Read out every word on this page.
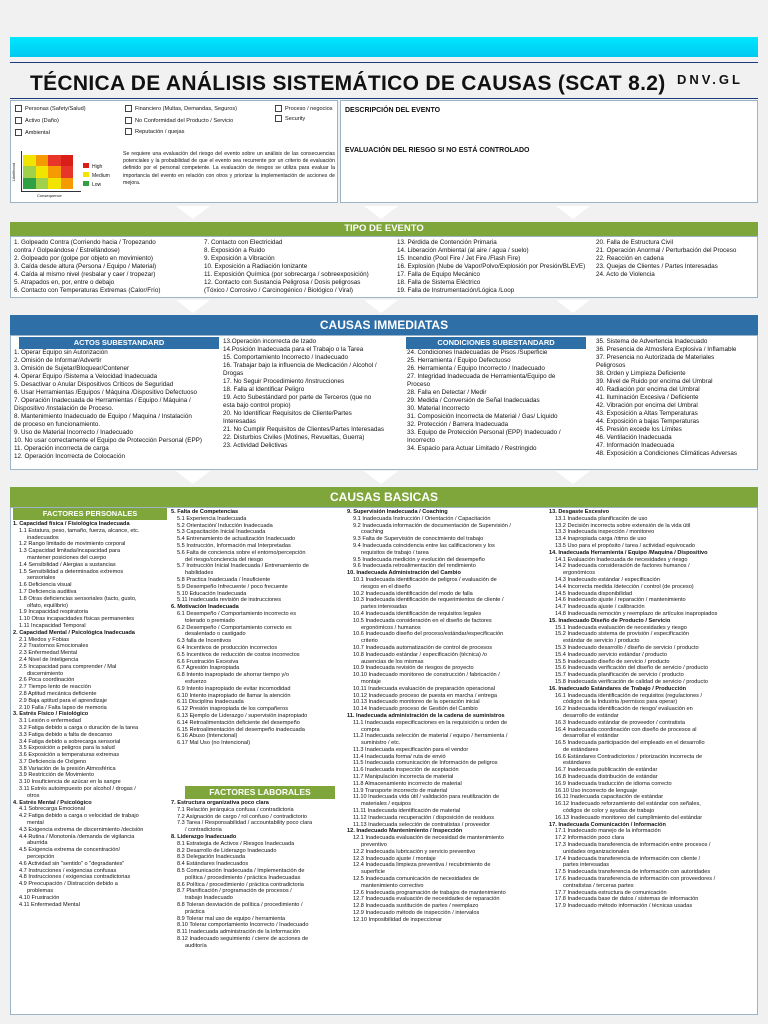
TÉCNICA DE ANÁLISIS SISTEMÁTICO DE CAUSAS (SCAT 8.2) DNV.GL
Personas (Safety/Salud)	Financiero (Multas, Demandas, Seguros)	Proceso / negocios
Activo (Daño)	No Conformidad del Producto / Servicio	Security
Ambiental	Reputación / quejas
Likelihood
Consequence
High
Medium
Low
Se requiere una evaluación del riesgo del evento sobre un análisis de las consecuencias potenciales y la probabilidad de que el evento sea recurrente por un criterio de evaluación definido por el personal competente. La evaluación de riesgos se utiliza para evaluar la importancia del evento en relación con otros y priorizar la implementación de acciones de mejora.
DESCRIPCIÓN DEL EVENTO
EVALUACIÓN DEL RIESGO SI NO ESTÁ CONTROLADO
TIPO DE EVENTO
1. Golpeado Contra (Corriendo hacia / Tropezando
contra / Golpeándose / Estrellándose)
2. Golpeado por (golpe por objeto en movimiento)
3. Caída desde altura (Persona / Equipo / Material)
4. Caída al mismo nivel (resbalar y caer / tropezar)
5. Atrapados en, por, entre o debajo
6. Contacto con Temperaturas Extremas (Calor/Frío)
7. Contacto con Electricidad
8. Exposición a Ruido
9. Exposición a Vibración
10. Exposición a Radiación Ionizante
11. Exposición Química (por sobrecarga / sobreexposición)
12. Contacto con Sustancia Peligrosa / Dosis peligrosas
(Tóxico / Corrosivo / Carcinogénico / Biológico / Viral)
13. Pérdida de Contención Primaria
14. Liberación Ambiental (al aire / agua / suelo)
15. Incendio (Pool Fire / Jet Fire /Flash Fire)
16. Explosión (Nube de Vapor/Polvo/Explosión por Presión/BLEVE)
17. Falla de Equipo Mecánico
18. Falla de Sistema Eléctrico
19. Falla de Instrumentación/Lógica /Loop
20. Falla de Estructura Civil
21. Operación Anormal / Perturbación del Proceso
22. Reacción en cadena
23. Quejas de Clientes / Partes Interesadas
24. Acto de Violencia
CAUSAS IMMEDIATAS
ACTOS SUBESTANDARD	CONDICIONES SUBESTANDARD
1. Operar Equipo sin Autorización
2. Omisión de Informar/Advertir
3. Omisión de Sujetar/Bloquear/Contener
4. Operar Equipo /Sistema a Velocidad Inadecuada
5. Desactivar o Anular Dispositivos Críticos de Seguridad
6. Usar Herramientas /Equipos / Máquina /Dispositivo Defectuoso
7. Operación Inadecuada de Herramientas / Equipo / Máquina /
Dispositivo /Instalación de Proceso.
8. Mantenimiento Inadecuado de Equipo / Maquina / Instalación
de proceso en funcionamiento.
9. Uso de Material Incorrecto / Inadecuado
10. No usar correctamente el Equipo de Protección Personal (EPP)
11. Operación incorrecta de carga
12. Operación Incorrecta de Colocación
13.Operación incorrecta de Izado
14.Posición Inadecuada para el Trabajo o la Tarea
15. Comportamiento Incorrecto / Inadecuado
16. Trabajar bajo la influencia de Medicación / Alcohol /
Drogas
17. No Seguir Procedimiento /Instrucciones
18. Falla al Identificar Peligro
19. Acto Subestándard por parte de Terceros (que no
esta bajo control propio)
20. No Identificar Requisitos de Cliente/Partes
Interesadas
21. No Cumplir Requisitos de Clientes/Partes Interesadas
22. Disturbios Civiles (Motines, Revueltas, Guerra)
23. Actividad Delictivas
24. Condiciones Inadecuadas de Pisos /Superficie
25. Herramienta / Equipo Defectuoso
26. Herramienta / Equipo Incorrecto / Inadecuado
27. Integridad Inadecuada de Herramienta/Equipo de
Proceso
28. Falla en Detectar / Medir
29. Medida / Conversión de Señal Inadecuadas
30. Material Incorrecto
31. Composición Incorrecta de Material / Gas/ Líquido
32. Protección / Barrera Inadecuada
33. Equipo de Protección Personal (EPP) Inadecuado /
Incorrecto
34. Espacio para Actuar Limitado / Restringido
35. Sistema de Advertencia Inadecuado
36. Presencia de Atmosfera Explosiva / Inflamable
37. Presencia no Autorizada de Materiales
Peligrosos
38. Orden y Limpieza Deficiente
39. Nivel de Ruido por encima del Umbral
40. Radiación por encima del Umbral
41. Iluminación Excesiva / Deficiente
42. Vibración por encima del Umbral
43. Exposición a Altas Temperaturas
44. Exposición a bajas Temperaturas
45. Presión excede los Límites
46. Ventilación Inadecuada
47. Información Inadecuada
48. Exposición a Condiciones Climáticas Adversas
CAUSAS BASICAS
FACTORES PERSONALES
1. Capacidad física / Fisiológica Inadecuada
1.1 Estatura, peso, tamaño, fuerza, alcance, etc.
inadecuados
1.2 Rango limitado de movimiento corporal
1.3 Capacidad limitada/incapacidad para
mantener posiciones del cuerpo
1.4 Sensibilidad / Alergias a sustancias
1.5 Sensibilidad a determinados extremos
sensoriales
1.6 Deficiencia visual
1.7 Deficiencia auditiva
1.8 Otras deficiencias sensoriales (tacto, gusto,
olfato, equilibrio)
1.9 Incapacidad respiratoria
1.10 Otras incapacidades físicas permanentes
1.11 Incapacidad Temporal
2. Capacidad Mental / Psicológica Inadecuada
2.1 Miedos y Fobias
2.2 Trastornos Emocionales
2.3 Enfermedad Mental
2.4 Nivel de Inteligencia
2.5 Incapacidad para comprender / Mal
discernimiento
2.6 Poca coordinación
2.7 Tiempo lento de reacción
2.8 Aptitud mecánica deficiente
2.9 Baja aptitud para el aprendizaje
2.10 Falla / Falta lapso de memoria
3. Estrés Físico / Fisiológico
3.1 Lesión o enfermedad
3.2 Fatiga debido a carga o duración de la tarea
3.3 Fatiga debido a falta de descanso
3.4 Fatiga debido a sobrecarga sensorial
3.5 Exposición a peligros para la salud
3.6 Exposición a temperaturas extremas
3.7 Deficiencia de Oxígeno
3.8 Variación de la presión Atmosférica
3.9 Restricción de Movimiento
3.10 Insuficiencia de azúcar en la sangre
3.11 Estrés autoimpuesto por alcohol / drogas /
otros
4. Estrés Mental / Psicológico
4.1 Sobrecarga Emocional
4.2 Fatiga debido a carga o velocidad de trabajo
mental
4.3 Exigencia extrema de discernimiento /decisión
4.4 Rutina / Monotonía /demanda de vigilancia
aburrida
4.5 Exigencia extrema de concentración/
percepción
4.6 Actividad sin "sentido" o "degradantes"
4.7 Instrucciones / exigencias confusas
4.8 Instrucciones / exigencias contradictorias
4.9 Preocupación / Distracción debido a
problemas
4.10 Frustración
4.11 Enfermedad Mental
5. Falta de Competencias
5.1 Experiencia Inadecuada
5.2 Orientación/ Inducción Inadecuada
5.3 Capacitación Inicial Inadecuada
5.4 Entrenamiento de actualización Inadecuado
5.5 Instrucción, Información mal Interpretadas
5.6 Falta de conciencia sobre el entorno/percepción
del riesgo/conciencia del riesgo
5.7 Instrucción Inicial Inadecuada / Entrenamiento de
habilidades
5.8 Practica Inadecuada / Insuficiente
5.9 Desempeño Infrecuente / poco frecuente
5.10 Educación Inadecuada
5.11 Inadecuada revisión de instrucciones
6. Motivación Inadecuada
6.1 Desempeño / Comportamiento incorrecto es
tolerado o premiado
6.2 Desempeño / Comportamiento correcto es
desalentado o castigado
6.3 falla de Incentivos
6.4 Incentivos de producción incorrectos
6.5 Incentivos de reducción de costos incorrectos
6.6 Frustración Excesiva
6.7 Agresión Inapropiada
6.8 Intento inapropiado de ahorrar tiempo y/o
esfuerzo
6.9 Intento inapropiado de evitar incomodidad
6.10 Intento inapropiado de llamar la atención
6.11 Disciplina Inadecuada
6.12 Presión inapropiada de los compañeros
6.13 Ejemplo de Liderazgo / supervisión inapropiado
6.14 Retroalimentación deficiente del desempeño
6.15 Retroalimentación del desempeño inadecuada
6.16 Abuso (Intencional)
6.17 Mal Uso (no Intencional)
FACTORES LABORALES
7. Estructura organizativa poco clara
7.1 Relación jerárquica confusa / contradictoria
7.2 Asignación de cargo / rol confuso / contradictorio
7.3 Tarea / Responsabilidad / accountability poco clara
/ contradictoria
8. Liderazgo Inadecuado
8.1 Estrategia de Activos / Riesgos Inadecuada
8.2 Desarrollo de Liderazgo Inadecuado
8.3 Delegación Inadecuada
8.4 Estándares Inadecuados
8.5 Comunicación Inadecuada / Implementación de
política / procedimiento / práctica Inadecuadas
8.6 Política / procedimiento / práctica contradictoria
8.7 Planificación / programación de procesos /
trabajo Inadecuado
8.8 Toleran desviación de política / procedimiento /
práctica
8.9 Tolerar mal uso de equipo / herramienta
8.10 Tolerar comportamiento Incorrecto / Inadecuado
8.11 Inadecuada administración de la información
8.12 Inadecuado seguimiento / cierre de acciones de
auditoría
9. Supervisión Inadecuada / Coaching
9.1 Inadecuada Instrucción / Orientación / Capacitación
9.2 Inadecuada información de documentación de Supervisión /
coaching
9.3 Falta de Supervisión de conocimiento del trabajo
9.4 Inadecuada coincidencia entre las calificaciones y los
requisitos de trabajo / tarea
9.5 Inadecuada medición y evolución del desempeño
9.6 Inadecuada retroalimentación del rendimiento
10. Inadecuada Administración del Cambio
10.1 Inadecuada identificación de peligros / evaluación de
riesgos en el diseño
10.2 Inadecuada identificación del modo de falla
10.3 Inadecuada identificación de requerimientos de cliente /
partes interesadas
10.4 Inadecuada identificación de requisitos legales
10.5 Inadecuada consideración en el diseño de factores
ergonómicos / humanos
10.6 Inadecuado diseño del proceso/estándar/especificación
criterio
10.7 Inadecuada automatización de control de procesos
10.8 Inadecuado estándar / especificación (técnica) /o
ausencias de los mismas
10.9 Inadecuada revisión de riesgos de proyecto
10.10 Inadecuado monitoreo de construcción / fabricación /
montaje
10.11 Inadecuada evaluación de preparación operacional
10.12 Inadecuado proceso de puesta en marcha / entrega
10.13 Inadecuado monitoreo de la operación inicial
10.14 Inadecuado proceso de Gestión del Cambio
11. Inadecuada administración de la cadena de suministros
11.1 Inadecuada especificaciones en la requisición u orden de
compra
11.2 Inadecuada selección de material / equipo / herramienta /
suministro / etc.
11.3 Inadecuada especificación para el vendor
11.4 Inadecuada forma/ ruta de envió
11.5 Inadecuada comunicación de Información de peligros
11.6 Inadecuada inspección de aceptación
11.7 Manipulación incorrecta de material
11.8 Almacenamiento incorrecto de material
11.9 Transporte incorrecto de material
11.10 Inadecuada vida útil / validación para reutilización de
materiales / equipos
11.11 Inadecuada identificación de material
11.12 Inadecuada recuperación / disposición de residuos
11.13 Inadecuada selección de contratistas / proveedor
12. Inadecuado Mantenimiento / Inspección
12.1 Inadecuada evaluación de necesidad de mantenimiento
preventivo
12.2 Inadecuada lubricación y servicio preventivo
12.3 Inadecuado ajuste / montaje
12.4 Inadecuada limpieza preventiva / recubrimiento de
superficie
12.5 Inadecuada comunicación de necesidades de
mantenimiento correctivo
12.6 Inadecuada programación de trabajos de mantenimiento
12.7 Inadecuada evaluación de necesidades de reparación
12.8 Inadecuada sustitución de partes / reemplazo
12.9 Inadecuado método de inspección / intervalos
12.10 Imposibilidad de inspeccionar
13. Desgaste Excesivo
13.1 Inadecuada planificación de uso
13.2 Decisión incorrecta sobre extensión de la vida útil
13.3 Inadecuada inspección / monitoreo
13.4 Inapropiada carga /ritmo de uso
13.5 Uso para el propósito / tarea / actividad equivocado
14. Inadecuada Herramienta / Equipo /Maquina / Dispositivo
14.1 Evaluación Inadecuada de necesidades y riesgo
14.2 Inadecuada consideración de factores humanos /
ergonómicos
14.3 Inadecuado estándar / especificación
14.4 Incorrecta medida /detección / control (de proceso)
14.5 Inadecuada disponibilidad
14.6 Inadecuado ajuste / reparación / mantenimiento
14.7 Inadecuada ajuste / calibración
14.8 Inadecuada remoción y reemplazo de artículos inapropiados
15. Inadecuado Diseño de Producto / Servicio
15.1 Inadecuada evaluación de necesidades y riesgo
15.2 Inadecuado sistema de provisión / especificación
estándar de servicio / producto
15.3 Inadecuado desarrollo / diseño de servicio / producto
15.4 Inadecuado servicio estándar / producto
15.5 Inadecuado diseño de servicio / producto
15.6 Inadecuada verificación del diseño de servicio / producto
15.7 Inadecuada planificación de servicio / producto
15.8 Inadecuada verificación de calidad de servicio / producto
16. Inadecuado Estándares de Trabajo / Producción
16.1 Inadecuada identificación de requisitos (regulaciones /
códigos de la Industria /permisos para operar)
16.2 Inadecuada identificación de riesgo/ evaluación en
desarrollo de estándar
16.3 Inadecuado estándar de proveedor / contratista
16.4 Inadecuada coordinación con diseño de procesos al
desarrollar el estándar
16.5 Inadecuada participación del empleado en el desarrollo
de estándares
16.6 Estándares Contradictorios / priorización incorrecta de
estándares
16.7 Inadecuada publicación de estándar
16.8 Inadecuada distribución de estándar
16.9 Inadecuada traducción de idioma correcto
16.10 Uso incorrecto de lenguaje
16.11 Inadecuada capacitación de estándar
16.12 Inadecuado reforzamiento del estándar con señales,
códigos de color y ayudas de trabajo
16.13 Inadecuado monitoreo del cumplimiento del estándar
17. Inadecuada Comunicación / Información
17.1 Inadecuado manejo de la información
17.2 Información poco clara
17.3 Inadecuada transferencia de información entre procesos /
unidades organizacionales
17.4 Inadecuada transferencia de información con cliente /
partes interesadas
17.5 Inadecuada transferencia de información con autoridades
17.6 Inadecuada transferencia de información con proveedores /
contratistas / terceras partes
17.7 Inadecuada estructura de comunicación
17.8 Inadecuada base de datos / sistemas de información
17.9 Inadecuado método información / técnicas usadas
